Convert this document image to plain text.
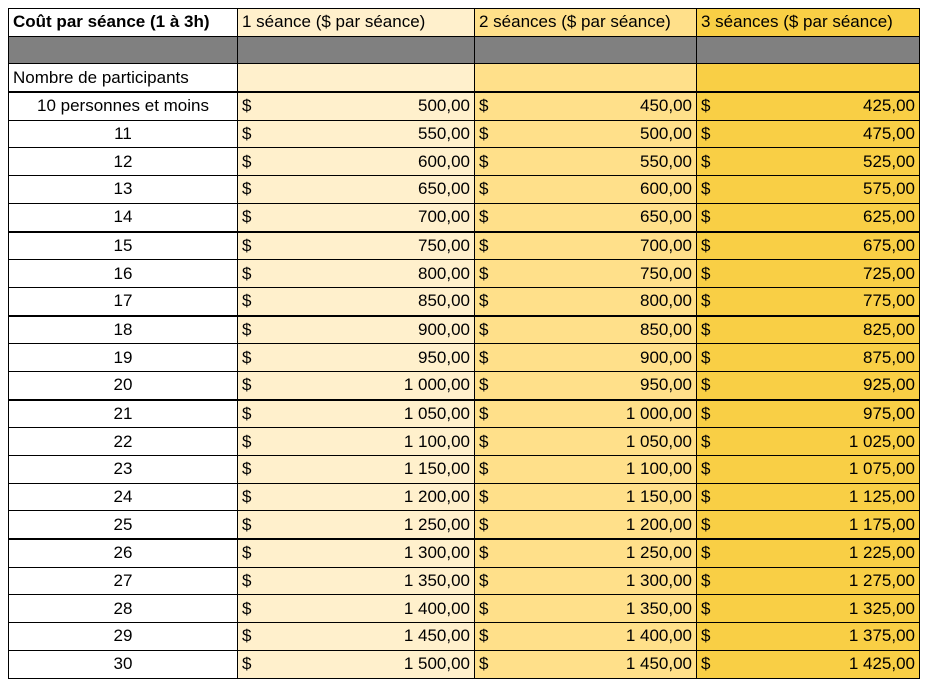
Coût par séance (1 à 3h)	1 séance ($ par séance)	2 séances ($ par séance)	3 séances ($ par séance)

Nombre de participants			
10 personnes et moins	$ 500,00	$ 450,00	$ 425,00

11	$ 550,00	$ 500,00	$ 475,00

12	$ 600,00	$ 550,00	$ 525,00

13	$ 650,00	$ 600,00	$ 575,00

14	$ 700,00	$ 650,00	$ 625,00

15	$ 750,00	$ 700,00	$ 675,00

16	$ 800,00	$ 750,00	$ 725,00

17	$ 850,00	$ 800,00	$ 775,00

18	$ 900,00	$ 850,00	$ 825,00

19	$ 950,00	$ 900,00	$ 875,00

20	$ 1 000,00	$ 950,00	$ 925,00

21	$ 1 050,00	$ 1 000,00	$ 975,00

22	$ 1 100,00	$ 1 050,00	$ 1 025,00

23	$ 1 150,00	$ 1 100,00	$ 1 075,00

24	$ 1 200,00	$ 1 150,00	$ 1 125,00

25	$ 1 250,00	$ 1 200,00	$ 1 175,00

26	$ 1 300,00	$ 1 250,00	$ 1 225,00

27	$ 1 350,00	$ 1 300,00	$ 1 275,00

28	$ 1 400,00	$ 1 350,00	$ 1 325,00

29	$ 1 450,00	$ 1 400,00	$ 1 375,00

30	$ 1 500,00	$ 1 450,00	$ 1 425,00
